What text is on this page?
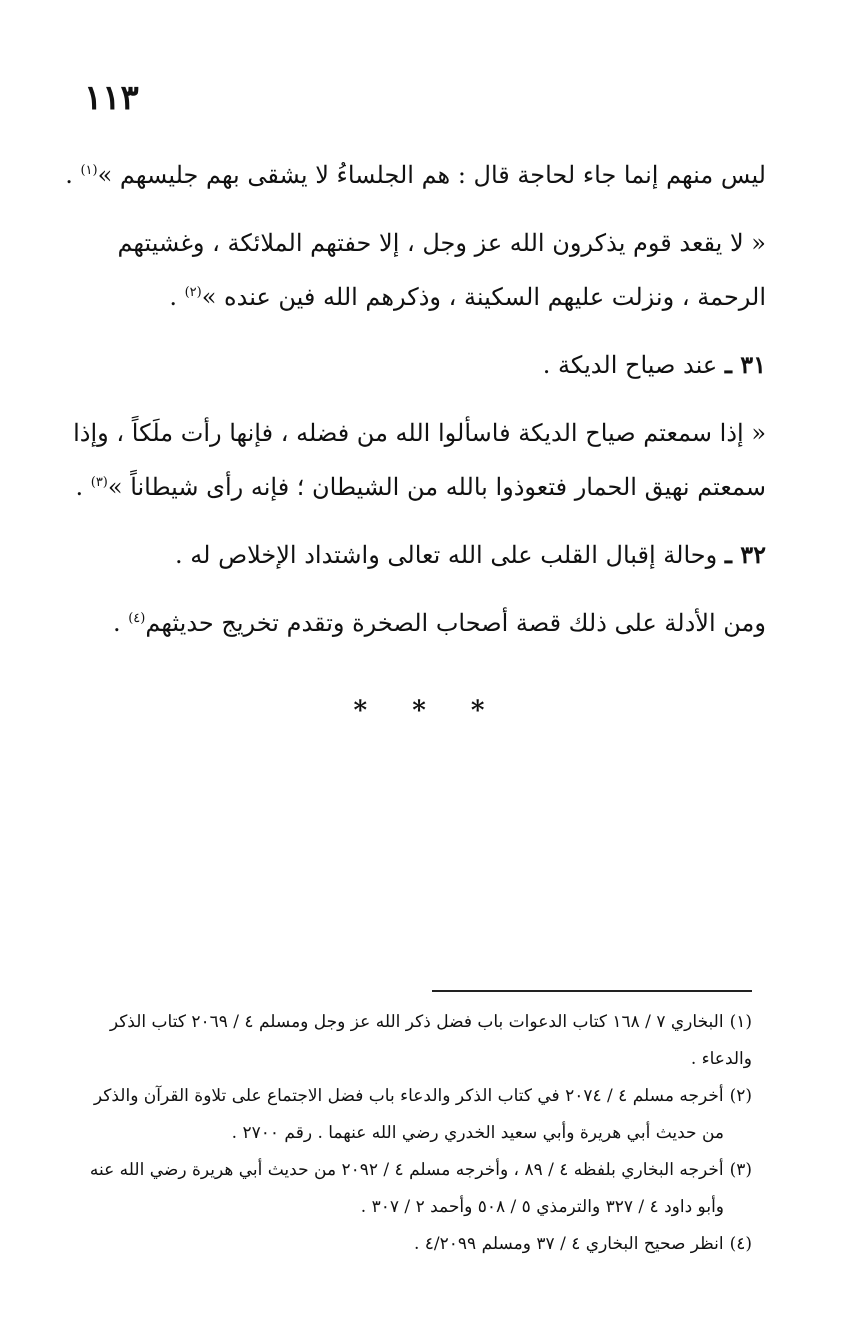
١١٣

ليس منهم إنما جاء لحاجة قال : هم الجلساءُ لا يشقى بهم جليسهم »$^{(١)}$ .

« لا يقعد قوم يذكرون الله عز وجل ، إلا حفتهم الملائكة ، وغشيتهم
الرحمة ، ونزلت عليهم السكينة ، وذكرهم الله فين عنده »$^{(٢)}$ .

٣١ ـ عند صياح الديكة .

« إذا سمعتم صياح الديكة فاسألوا الله من فضله ، فإنها رأت ملَكاً ، وإذا
سمعتم نهيق الحمار فتعوذوا بالله من الشيطان ؛ فإنه رأى شيطاناً »$^{(٣)}$ .

٣٢ ـ وحالة إقبال القلب على الله تعالى واشتداد الإخلاص له .

ومن الأدلة على ذلك قصة أصحاب الصخرة وتقدم تخريج حديثهم$^{(٤)}$ .

* * *

(١)البخاري ٧ / ١٦٨ كتاب الدعوات باب فضل ذكر الله عز وجل ومسلم ٤ / ٢٠٦٩ كتاب الذكر
والدعاء .

(٢)أخرجه مسلم ٤ / ٢٠٧٤ في كتاب الذكر والدعاء باب فضل الاجتماع على تلاوة القرآن والذكر
من حديث أبي هريرة وأبي سعيد الخدري رضي الله عنهما . رقم ٢٧٠٠ .

(٣)أخرجه البخاري بلفظه ٤ / ٨٩ ، وأخرجه مسلم ٤ / ٢٠٩٢ من حديث أبي هريرة رضي الله عنه
وأبو داود ٤ / ٣٢٧ والترمذي ٥ / ٥٠٨ وأحمد ٢ / ٣٠٧ .

(٤)انظر صحيح البخاري ٤ / ٣٧ ومسلم ٤/٢٠٩٩ .
